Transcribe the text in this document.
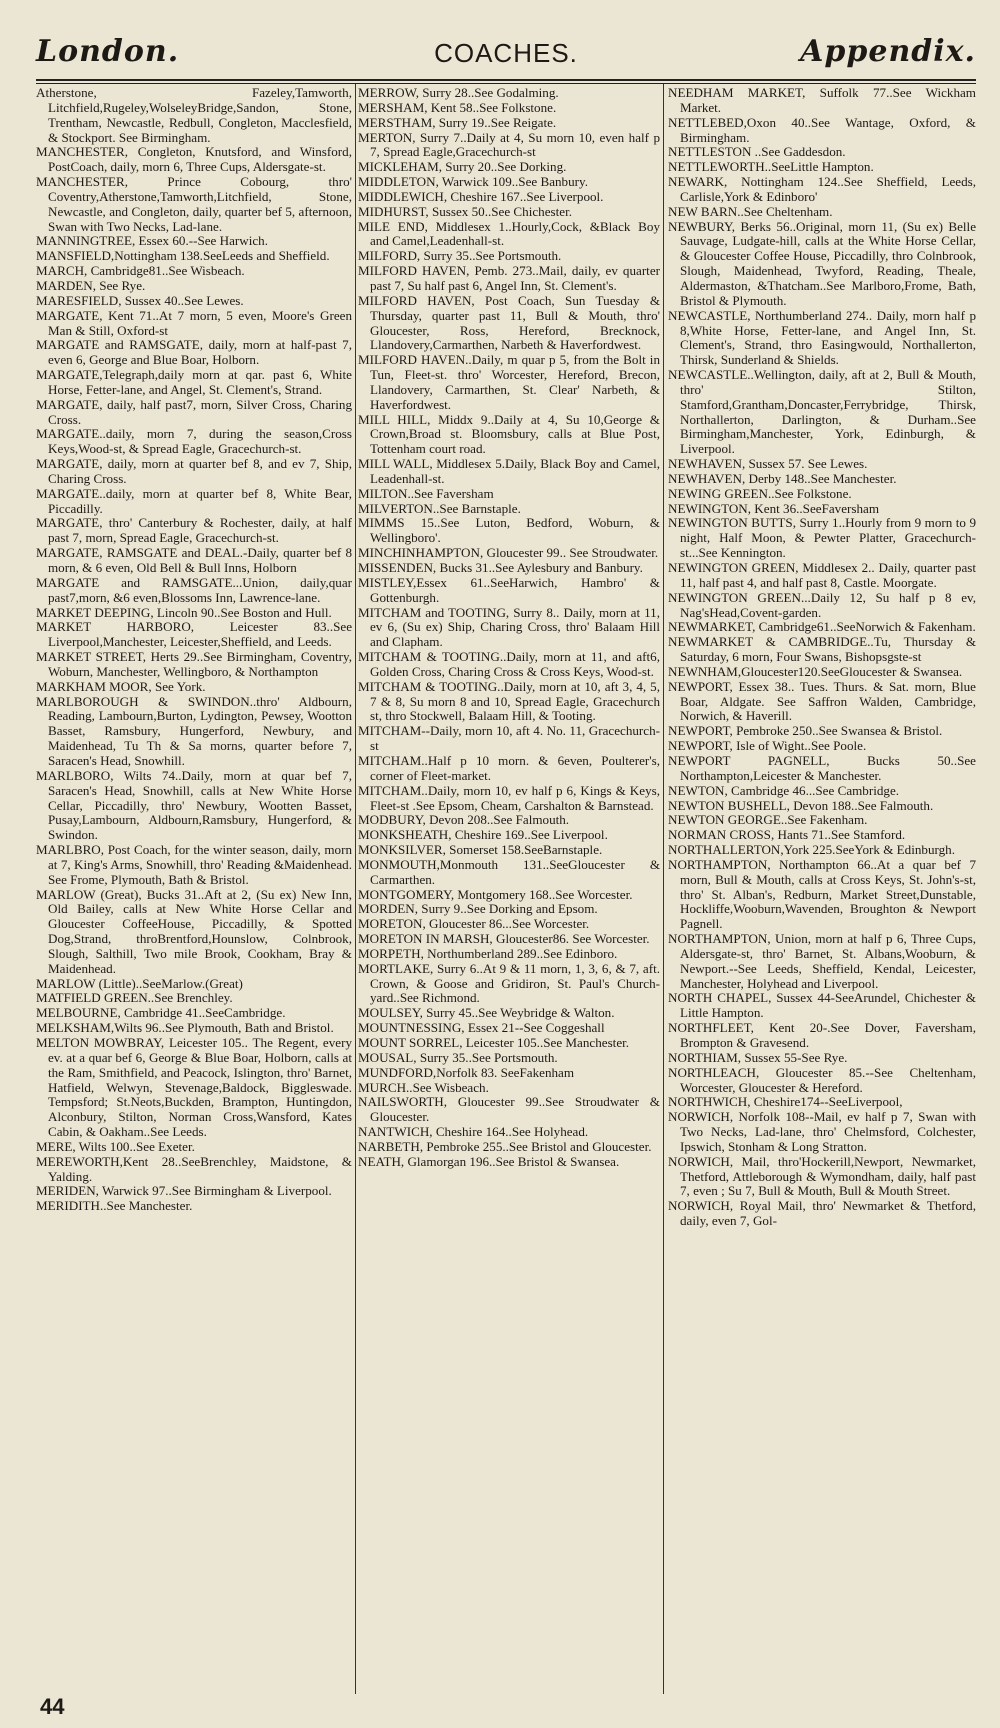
London.	COACHES.	Appendix.

Atherstone, Fazeley,Tamworth, Litchfield,Rugeley,WolseleyBridge,Sandon, Stone, Trentham, Newcastle, Redbull, Congleton, Macclesfield, & Stockport. See Birmingham.

MANCHESTER, Congleton, Knutsford, and Winsford, PostCoach, daily, morn 6, Three Cups, Aldersgate-st.

MANCHESTER, Prince Cobourg, thro' Coventry,Atherstone,Tamworth,Litchfield, Stone, Newcastle, and Congleton, daily, quarter bef 5, afternoon, Swan with Two Necks, Lad-lane.

MANNINGTREE, Essex 60.--See Harwich.

MANSFIELD,Nottingham 138.SeeLeeds and Sheffield.

MARCH, Cambridge81..See Wisbeach.

MARDEN, See Rye.

MARESFIELD, Sussex 40..See Lewes.

MARGATE, Kent 71..At 7 morn, 5 even, Moore's Green Man & Still, Oxford-st

MARGATE and RAMSGATE, daily, morn at half-past 7, even 6, George and Blue Boar, Holborn.

MARGATE,Telegraph,daily morn at qar. past 6, White Horse, Fetter-lane, and Angel, St. Clement's, Strand.

MARGATE, daily, half past7, morn, Silver Cross, Charing Cross.

MARGATE..daily, morn 7, during the season,Cross Keys,Wood-st, & Spread Eagle, Gracechurch-st.

MARGATE, daily, morn at quarter bef 8, and ev 7, Ship, Charing Cross.

MARGATE..daily, morn at quarter bef 8, White Bear, Piccadilly.

MARGATE, thro' Canterbury & Rochester, daily, at half past 7, morn, Spread Eagle, Gracechurch-st.

MARGATE, RAMSGATE and DEAL.-Daily, quarter bef 8 morn, & 6 even, Old Bell & Bull Inns, Holborn

MARGATE and RAMSGATE...Union, daily,quar past7,morn, &6 even,Blossoms Inn, Lawrence-lane.

MARKET DEEPING, Lincoln 90..See Boston and Hull.

MARKET HARBORO, Leicester 83..See Liverpool,Manchester, Leicester,Sheffield, and Leeds.

MARKET STREET, Herts 29..See Birmingham, Coventry, Woburn, Manchester, Wellingboro, & Northampton

MARKHAM MOOR, See York.

MARLBOROUGH & SWINDON..thro' Aldbourn, Reading, Lambourn,Burton, Lydington, Pewsey, Wootton Basset, Ramsbury, Hungerford, Newbury, and Maidenhead, Tu Th & Sa morns, quarter before 7, Saracen's Head, Snowhill.

MARLBORO, Wilts 74..Daily, morn at quar bef 7, Saracen's Head, Snowhill, calls at New White Horse Cellar, Piccadilly, thro' Newbury, Wootten Basset, Pusay,Lambourn, Aldbourn,Ramsbury, Hungerford, & Swindon.

MARLBRO, Post Coach, for the winter season, daily, morn at 7, King's Arms, Snowhill, thro' Reading &Maidenhead. See Frome, Plymouth, Bath & Bristol.

MARLOW (Great), Bucks 31..Aft at 2, (Su ex) New Inn, Old Bailey, calls at New White Horse Cellar and Gloucester CoffeeHouse, Piccadilly, & Spotted Dog,Strand, throBrentford,Hounslow, Colnbrook, Slough, Salthill, Two mile Brook, Cookham, Bray & Maidenhead.

MARLOW (Little)..SeeMarlow.(Great)

MATFIELD GREEN..See Brenchley.

MELBOURNE, Cambridge 41..SeeCambridge.

MELKSHAM,Wilts 96..See Plymouth, Bath and Bristol.

MELTON MOWBRAY, Leicester 105.. The Regent, every ev. at a quar bef 6, George & Blue Boar, Holborn, calls at the Ram, Smithfield, and Peacock, Islington, thro' Barnet, Hatfield, Welwyn, Stevenage,Baldock, Biggleswade. Tempsford; St.Neots,Buckden, Brampton, Huntingdon, Alconbury, Stilton, Norman Cross,Wansford, Kates Cabin, & Oakham..See Leeds.

MERE, Wilts 100..See Exeter.

MEREWORTH,Kent 28..SeeBrenchley, Maidstone, & Yalding.

MERIDEN, Warwick 97..See Birmingham & Liverpool.

MERIDITH..See Manchester.

MERROW, Surry 28..See Godalming.

MERSHAM, Kent 58..See Folkstone.

MERSTHAM, Surry 19..See Reigate.

MERTON, Surry 7..Daily at 4, Su morn 10, even half p 7, Spread Eagle,Gracechurch-st

MICKLEHAM, Surry 20..See Dorking.

MIDDLETON, Warwick 109..See Banbury.

MIDDLEWICH, Cheshire 167..See Liverpool.

MIDHURST, Sussex 50..See Chichester.

MILE END, Middlesex 1..Hourly,Cock, &Black Boy and Camel,Leadenhall-st.

MILFORD, Surry 35..See Portsmouth.

MILFORD HAVEN, Pemb. 273..Mail, daily, ev quarter past 7, Su half past 6, Angel Inn, St. Clement's.

MILFORD HAVEN, Post Coach, Sun Tuesday & Thursday, quarter past 11, Bull & Mouth, thro' Gloucester, Ross, Hereford, Brecknock, Llandovery,Carmarthen, Narbeth & Haverfordwest.

MILFORD HAVEN..Daily, m quar p 5, from the Bolt in Tun, Fleet-st. thro' Worcester, Hereford, Brecon, Llandovery, Carmarthen, St. Clear' Narbeth, & Haverfordwest.

MILL HILL, Middx 9..Daily at 4, Su 10,George & Crown,Broad st. Bloomsbury, calls at Blue Post, Tottenham court road.

MILL WALL, Middlesex 5.Daily, Black Boy and Camel, Leadenhall-st.

MILTON..See Faversham

MILVERTON..See Barnstaple.

MIMMS 15..See Luton, Bedford, Woburn, & Wellingboro'.

MINCHINHAMPTON, Gloucester 99.. See Stroudwater.

MISSENDEN, Bucks 31..See Aylesbury and Banbury.

MISTLEY,Essex 61..SeeHarwich, Hambro' & Gottenburgh.

MITCHAM and TOOTING, Surry 8.. Daily, morn at 11, ev 6, (Su ex) Ship, Charing Cross, thro' Balaam Hill and Clapham.

MITCHAM & TOOTING..Daily, morn at 11, and aft6, Golden Cross, Charing Cross & Cross Keys, Wood-st.

MITCHAM & TOOTING..Daily, morn at 10, aft 3, 4, 5, 7 & 8, Su morn 8 and 10, Spread Eagle, Gracechurch st, thro Stockwell, Balaam Hill, & Tooting.

MITCHAM--Daily, morn 10, aft 4. No. 11, Gracechurch-st

MITCHAM..Half p 10 morn. & 6even, Poulterer's, corner of Fleet-market.

MITCHAM..Daily, morn 10, ev half p 6, Kings & Keys, Fleet-st .See Epsom, Cheam, Carshalton & Barnstead.

MODBURY, Devon 208..See Falmouth.

MONKSHEATH, Cheshire 169..See Liverpool.

MONKSILVER, Somerset 158.SeeBarnstaple.

MONMOUTH,Monmouth 131..SeeGloucester & Carmarthen.

MONTGOMERY, Montgomery 168..See Worcester.

MORDEN, Surry 9..See Dorking and Epsom.

MORETON, Gloucester 86...See Worcester.

MORETON IN MARSH, Gloucester86. See Worcester.

MORPETH, Northumberland 289..See Edinboro.

MORTLAKE, Surry 6..At 9 & 11 morn, 1, 3, 6, & 7, aft. Crown, & Goose and Gridiron, St. Paul's Church-yard..See Richmond.

MOULSEY, Surry 45..See Weybridge & Walton.

MOUNTNESSING, Essex 21--See Coggeshall

MOUNT SORREL, Leicester 105..See Manchester.

MOUSAL, Surry 35..See Portsmouth.

MUNDFORD,Norfolk 83. SeeFakenham

MURCH..See Wisbeach.

NAILSWORTH, Gloucester 99..See Stroudwater & Gloucester.

NANTWICH, Cheshire 164..See Holyhead.

NARBETH, Pembroke 255..See Bristol and Gloucester.

NEATH, Glamorgan 196..See Bristol & Swansea.

NEEDHAM MARKET, Suffolk 77..See Wickham Market.

NETTLEBED,Oxon 40..See Wantage, Oxford, & Birmingham.

NETTLESTON ..See Gaddesdon.

NETTLEWORTH..SeeLittle Hampton.

NEWARK, Nottingham 124..See Sheffield, Leeds, Carlisle,York & Edinboro'

NEW BARN..See Cheltenham.

NEWBURY, Berks 56..Original, morn 11, (Su ex) Belle Sauvage, Ludgate-hill, calls at the White Horse Cellar, & Gloucester Coffee House, Piccadilly, thro Colnbrook, Slough, Maidenhead, Twyford, Reading, Theale, Aldermaston, &Thatcham..See Marlboro,Frome, Bath, Bristol & Plymouth.

NEWCASTLE, Northumberland 274.. Daily, morn half p 8,White Horse, Fetter-lane, and Angel Inn, St. Clement's, Strand, thro Easingwould, Northallerton, Thirsk, Sunderland & Shields.

NEWCASTLE..Wellington, daily, aft at 2, Bull & Mouth, thro' Stilton, Stamford,Grantham,Doncaster,Ferrybridge, Thirsk, Northallerton, Darlington, & Durham..See Birmingham,Manchester, York, Edinburgh, & Liverpool.

NEWHAVEN, Sussex 57. See Lewes.

NEWHAVEN, Derby 148..See Manchester.

NEWING GREEN..See Folkstone.

NEWINGTON, Kent 36..SeeFaversham

NEWINGTON BUTTS, Surry 1..Hourly from 9 morn to 9 night, Half Moon, & Pewter Platter, Gracechurch-st...See Kennington.

NEWINGTON GREEN, Middlesex 2.. Daily, quarter past 11, half past 4, and half past 8, Castle. Moorgate.

NEWINGTON GREEN...Daily 12, Su half p 8 ev, Nag'sHead,Covent-garden.

NEWMARKET, Cambridge61..SeeNorwich & Fakenham.

NEWMARKET & CAMBRIDGE..Tu, Thursday & Saturday, 6 morn, Four Swans, Bishopsgste-st

NEWNHAM,Gloucester120.SeeGloucester & Swansea.

NEWPORT, Essex 38.. Tues. Thurs. & Sat. morn, Blue Boar, Aldgate. See Saffron Walden, Cambridge, Norwich, & Haverill.

NEWPORT, Pembroke 250..See Swansea & Bristol.

NEWPORT, Isle of Wight..See Poole.

NEWPORT PAGNELL, Bucks 50..See Northampton,Leicester & Manchester.

NEWTON, Cambridge 46...See Cambridge.

NEWTON BUSHELL, Devon 188..See Falmouth.

NEWTON GEORGE..See Fakenham.

NORMAN CROSS, Hants 71..See Stamford.

NORTHALLERTON,York 225.SeeYork & Edinburgh.

NORTHAMPTON, Northampton 66..At a quar bef 7 morn, Bull & Mouth, calls at Cross Keys, St. John's-st, thro' St. Alban's, Redburn, Market Street,Dunstable, Hockliffe,Wooburn,Wavenden, Broughton & Newport Pagnell.

NORTHAMPTON, Union, morn at half p 6, Three Cups, Aldersgate-st, thro' Barnet, St. Albans,Wooburn, & Newport.--See Leeds, Sheffield, Kendal, Leicester, Manchester, Holyhead and Liverpool.

NORTH CHAPEL, Sussex 44-SeeArundel, Chichester & Little Hampton.

NORTHFLEET, Kent 20-.See Dover, Faversham, Brompton & Gravesend.

NORTHIAM, Sussex 55-See Rye.

NORTHLEACH, Gloucester 85.--See Cheltenham, Worcester, Gloucester & Hereford.

NORTHWICH, Cheshire174--SeeLiverpool,

NORWICH, Norfolk 108--Mail, ev half p 7, Swan with Two Necks, Lad-lane, thro' Chelmsford, Colchester, Ipswich, Stonham & Long Stratton.

NORWICH, Mail, thro'Hockerill,Newport, Newmarket, Thetford, Attleborough & Wymondham, daily, half past 7, even ; Su 7, Bull & Mouth, Bull & Mouth Street.

NORWICH, Royal Mail, thro' Newmarket & Thetford, daily, even 7, Gol-

44
